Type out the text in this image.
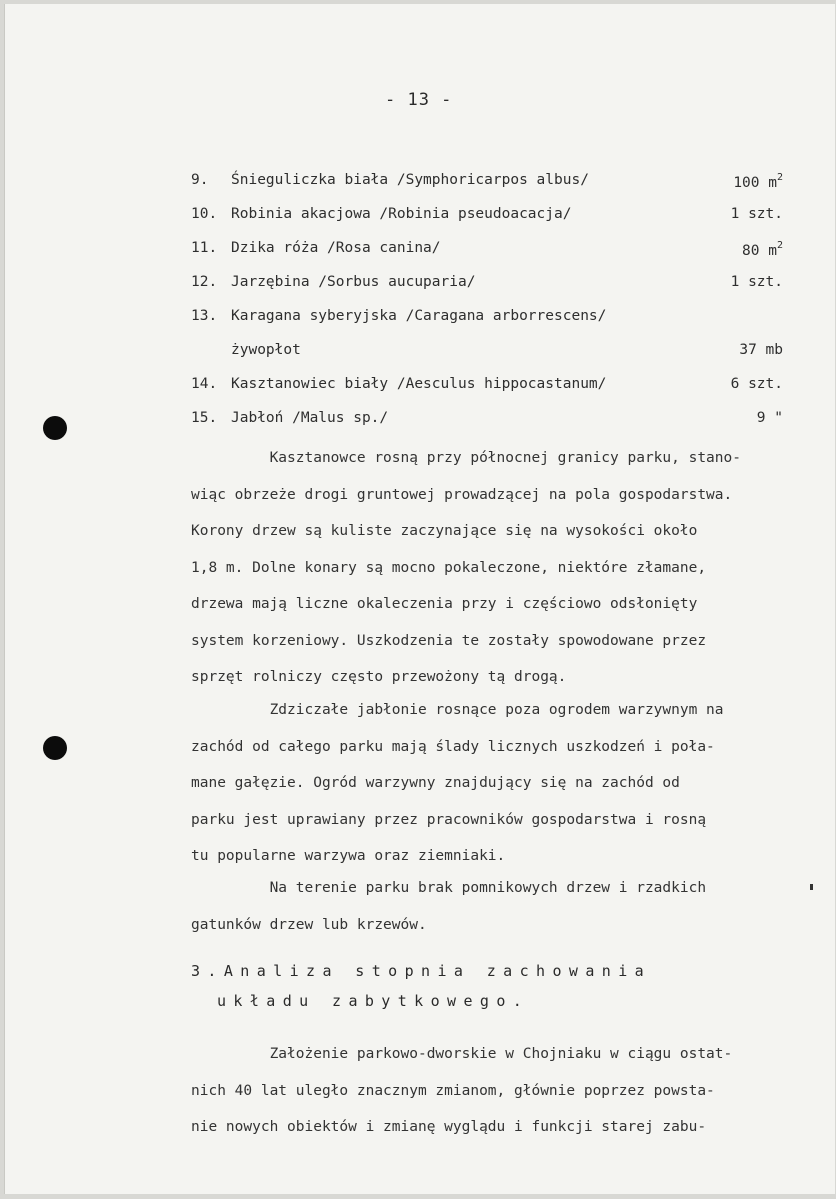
- 13 -
9.	Śnieguliczka biała /Symphoricarpos albus/	100 $m^2$
10. Robinia akacjowa /Robinia pseudoacacja/	1 szt.
11. Dzika róża /Rosa canina/	80 $m^2$
12. Jarzębina /Sorbus aucuparia/	1 szt.
13. Karagana syberyjska /Caragana arborrescens/
żywopłot	37 mb
14. Kasztanowiec biały /Aesculus hippocastanum/	6 szt.
15. Jabłoń /Malus sp./	9 "
Kasztanowce rosną przy północnej granicy parku, stano-
wiąc obrzeże drogi gruntowej prowadzącej na pola gospodarstwa.
Korony drzew są kuliste zaczynające się na wysokości około
1,8 m. Dolne konary są mocno pokaleczone, niektóre złamane,
drzewa mają liczne okaleczenia przy i częściowo odsłonięty
system korzeniowy. Uszkodzenia te zostały spowodowane przez
sprzęt rolniczy często przewożony tą drogą.
Zdziczałe jabłonie rosnące poza ogrodem warzywnym na
zachód od całego parku mają ślady licznych uszkodzeń i poła-
mane gałęzie. Ogród warzywny znajdujący się na zachód od
parku jest uprawiany przez pracowników gospodarstwa i rosną
tu popularne warzywa oraz ziemniaki.
Na terenie parku brak pomnikowych drzew i rzadkich
gatunków drzew lub krzewów.
3.Analiza stopnia zachowania
układu zabytkowego.
Założenie parkowo-dworskie w Chojniaku w ciągu ostat-
nich 40 lat uległo znacznym zmianom, głównie poprzez powsta-
nie nowych obiektów i zmianę wyglądu i funkcji starej zabu-
